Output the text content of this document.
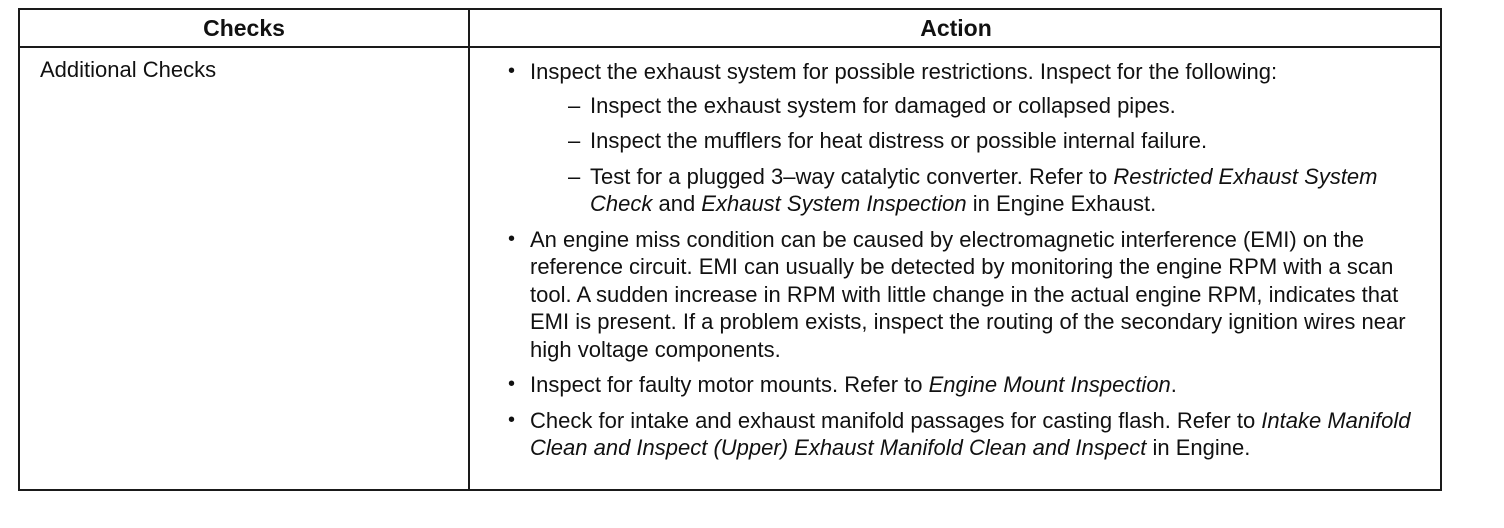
Checks	Action
Additional Checks
•	Inspect the exhaust system for possible restrictions. Inspect for the following:
– Inspect the exhaust system for damaged or collapsed pipes.
– Inspect the mufflers for heat distress or possible internal failure.
– Test for a plugged 3–way catalytic converter. Refer to Restricted Exhaust System Check and Exhaust System Inspection in Engine Exhaust.
• An engine miss condition can be caused by electromagnetic interference (EMI) on the reference circuit. EMI can usually be detected by monitoring the engine RPM with a scan tool. A sudden increase in RPM with little change in the actual engine RPM, indicates that EMI is present. If a problem exists, inspect the routing of the secondary ignition wires near high voltage components.
• Inspect for faulty motor mounts. Refer to Engine Mount Inspection.
• Check for intake and exhaust manifold passages for casting flash. Refer to Intake Manifold Clean and Inspect (Upper) Exhaust Manifold Clean and Inspect in Engine.
